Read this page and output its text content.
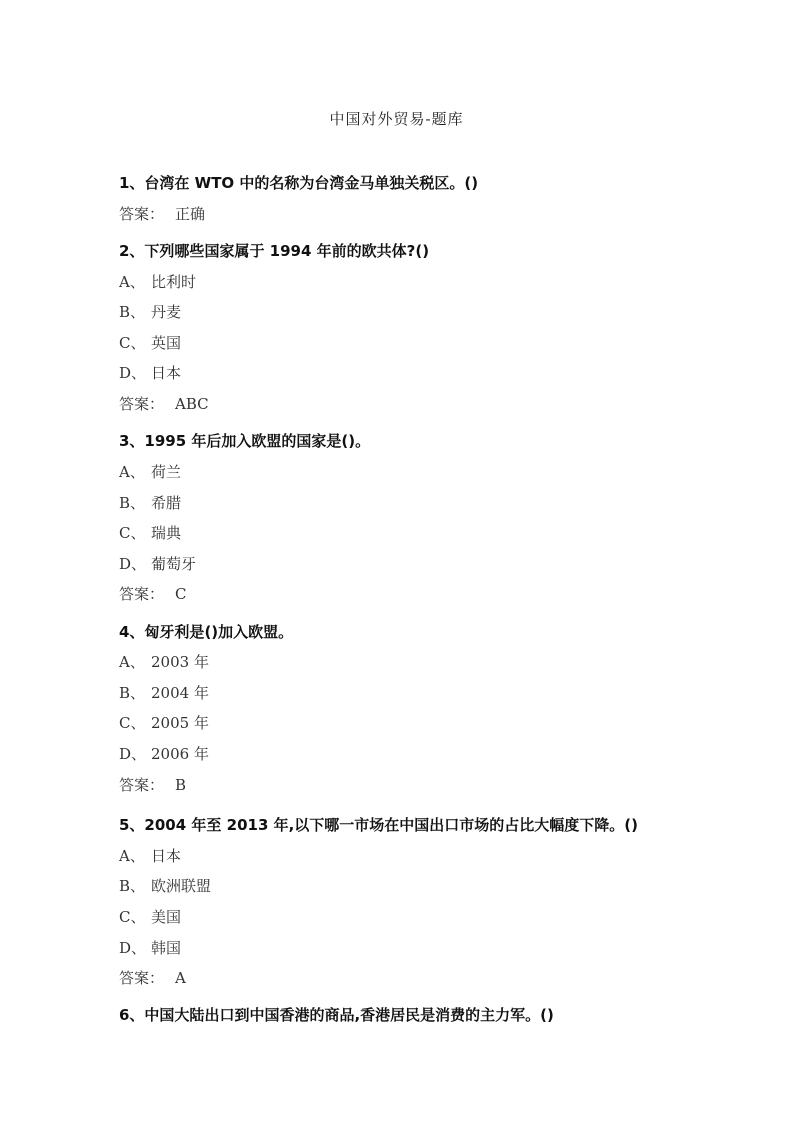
中国对外贸易-题库
1、台湾在 WTO 中的名称为台湾金马单独关税区。()
答案： 正确
2、下列哪些国家属于 1994 年前的欧共体?()
A、 比利时
B、 丹麦
C、 英国
D、 日本
答案： ABC
3、1995 年后加入欧盟的国家是()。
A、 荷兰
B、 希腊
C、 瑞典
D、 葡萄牙
答案： C
4、匈牙利是()加入欧盟。
A、 2003 年
B、 2004 年
C、 2005 年
D、 2006 年
答案： B
5、2004 年至 2013 年,以下哪一市场在中国出口市场的占比大幅度下降。()
A、 日本
B、 欧洲联盟
C、 美国
D、 韩国
答案： A
6、中国大陆出口到中国香港的商品,香港居民是消费的主力军。()
